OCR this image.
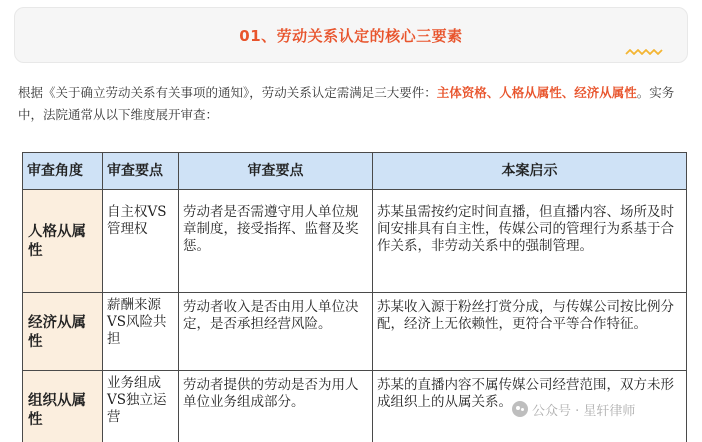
01、劳动关系认定的核心三要素
根据《关于确立劳动关系有关事项的通知》，劳动关系认定需满足三大要件：主体资格、人格从属性、经济从属性。实务中，法院通常从以下维度展开审查：
审查角度	审查要点	审查要点	本案启示
人格从属性	自主权VS管理权	劳动者是否需遵守用人单位规章制度，接受指挥、监督及奖惩。	苏某虽需按约定时间直播，但直播内容、场所及时间安排具有自主性，传媒公司的管理行为系基于合作关系，非劳动关系中的强制管理。
经济从属性	薪酬来源VS风险共担	劳动者收入是否由用人单位决定，是否承担经营风险。	苏某收入源于粉丝打赏分成，与传媒公司按比例分配，经济上无依赖性，更符合平等合作特征。
组织从属性	业务组成VS独立运营	劳动者提供的劳动是否为用人单位业务组成部分。	苏某的直播内容不属传媒公司经营范围，双方未形成组织上的从属关系。
公众号 · 星轩律师
